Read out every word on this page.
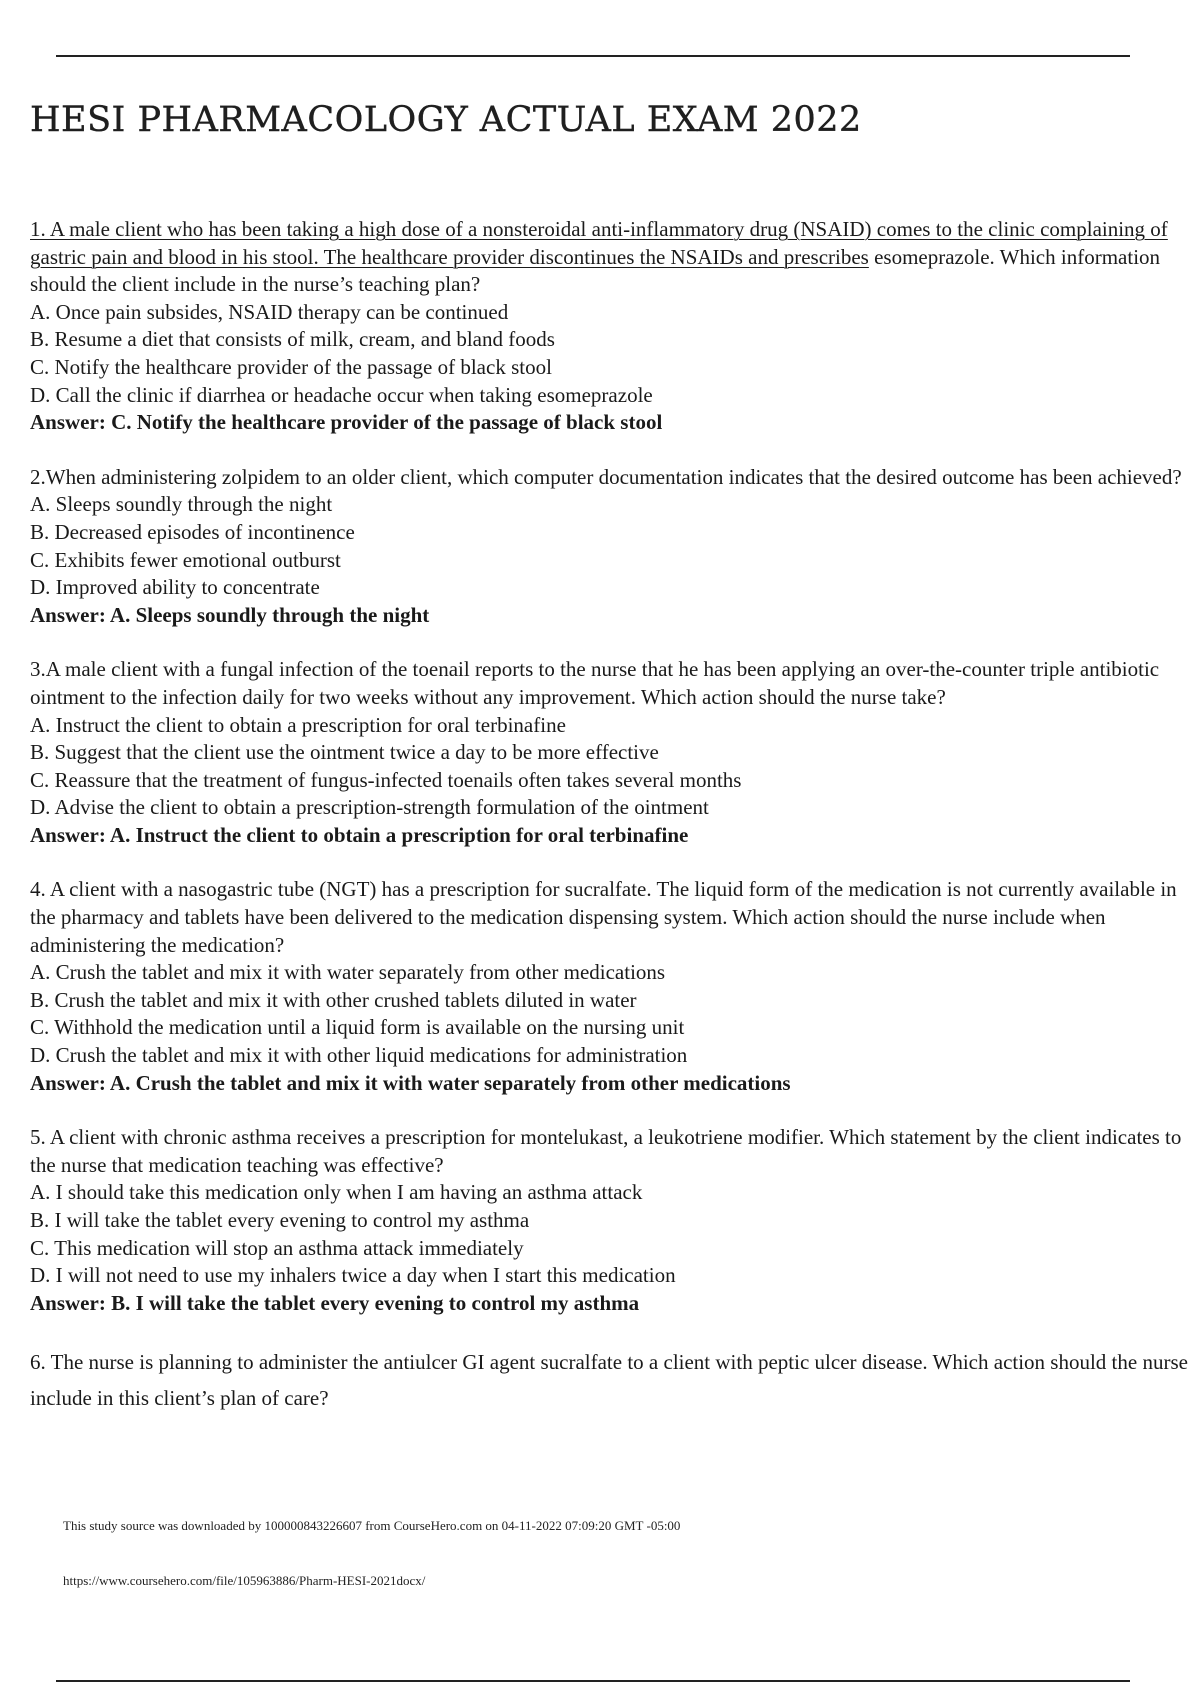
HESI PHARMACOLOGY ACTUAL EXAM 2022

1. A male client who has been taking a high dose of a nonsteroidal anti-inflammatory drug (NSAID) comes to the clinic complaining of gastric pain and blood in his stool. The healthcare provider discontinues the NSAIDs and prescribes esomeprazole. Which information should the client include in the nurse’s teaching plan?

A. Once pain subsides, NSAID therapy can be continued
B. Resume a diet that consists of milk, cream, and bland foods
C. Notify the healthcare provider of the passage of black stool
D. Call the clinic if diarrhea or headache occur when taking esomeprazole

Answer: C. Notify the healthcare provider of the passage of black stool

2.When administering zolpidem to an older client, which computer documentation indicates that the desired outcome has been achieved?

A. Sleeps soundly through the night
B. Decreased episodes of incontinence
C. Exhibits fewer emotional outburst
D. Improved ability to concentrate

Answer: A. Sleeps soundly through the night

3.A male client with a fungal infection of the toenail reports to the nurse that he has been applying an over-the-counter triple antibiotic ointment to the infection daily for two weeks without any improvement. Which action should the nurse take?

A. Instruct the client to obtain a prescription for oral terbinafine
B. Suggest that the client use the ointment twice a day to be more effective
C. Reassure that the treatment of fungus-infected toenails often takes several months
D. Advise the client to obtain a prescription-strength formulation of the ointment

Answer: A. Instruct the client to obtain a prescription for oral terbinafine

4. A client with a nasogastric tube (NGT) has a prescription for sucralfate. The liquid form of the medication is not currently available in the pharmacy and tablets have been delivered to the medication dispensing system. Which action should the nurse include when administering the medication?

A. Crush the tablet and mix it with water separately from other medications
B. Crush the tablet and mix it with other crushed tablets diluted in water
C. Withhold the medication until a liquid form is available on the nursing unit
D. Crush the tablet and mix it with other liquid medications for administration

Answer: A. Crush the tablet and mix it with water separately from other medications

5. A client with chronic asthma receives a prescription for montelukast, a leukotriene modifier. Which statement by the client indicates to the nurse that medication teaching was effective?

A. I should take this medication only when I am having an asthma attack
B. I will take the tablet every evening to control my asthma
C. This medication will stop an asthma attack immediately
D. I will not need to use my inhalers twice a day when I start this medication

Answer: B. I will take the tablet every evening to control my asthma

6. The nurse is planning to administer the antiulcer GI agent sucralfate to a client with peptic ulcer disease. Which action should the nurse include in this client’s plan of care?

This study source was downloaded by 100000843226607 from CourseHero.com on 04-11-2022 07:09:20 GMT -05:00
https://www.coursehero.com/file/105963886/Pharm-HESI-2021docx/
